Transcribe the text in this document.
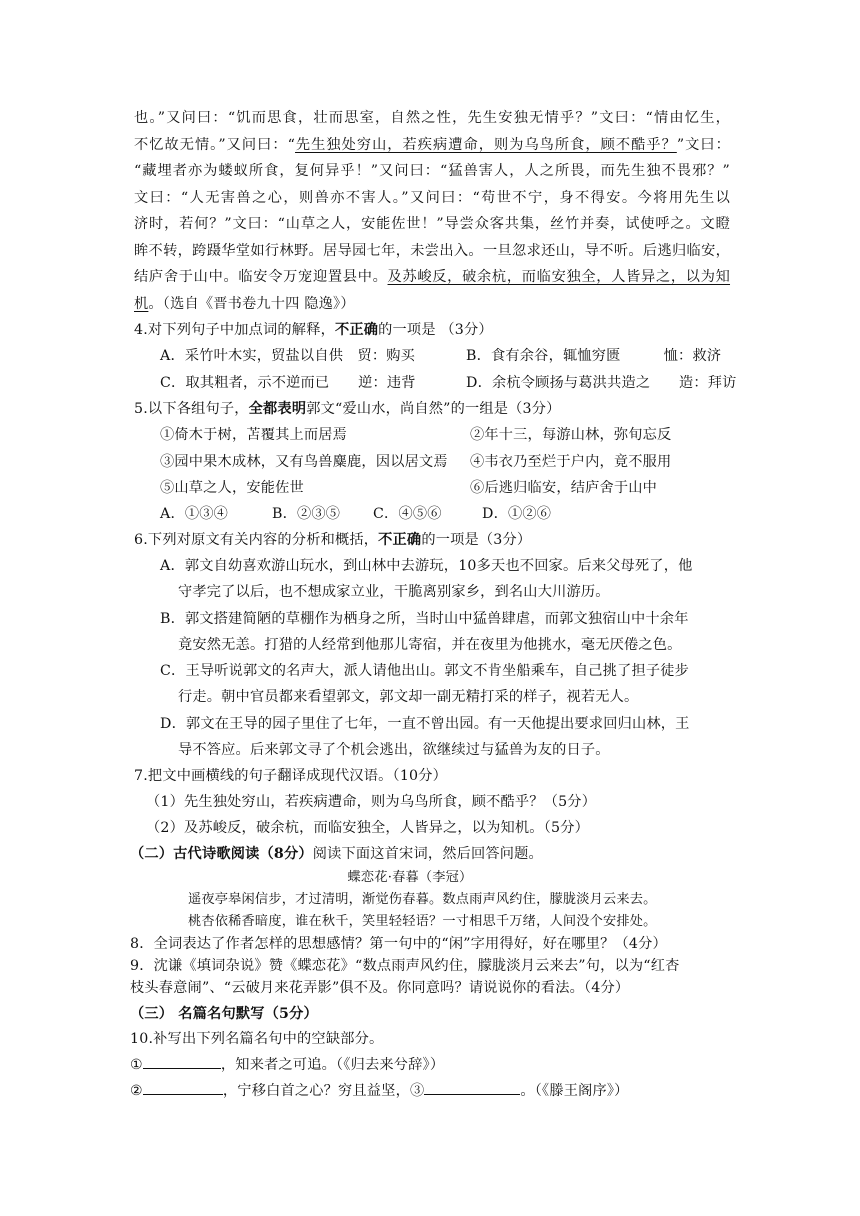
也。”又问曰：“饥而思食，壮而思室，自然之性，先生安独无情乎？”文曰：“情由忆生，
不忆故无情。”又问曰：“先生独处穷山，若疾病遭命，则为乌鸟所食，顾不酷乎？”文曰：
“藏埋者亦为蝼蚁所食，复何异乎！”又问曰：“猛兽害人，人之所畏，而先生独不畏邪？”
文曰：“人无害兽之心，则兽亦不害人。”又问曰：“苟世不宁，身不得安。今将用先生以
济时，若何？”文曰：“山草之人，安能佐世！”导尝众客共集，丝竹并奏，试使呼之。文瞪
眸不转，跨蹑华堂如行林野。居导园七年，未尝出入。一旦忽求还山，导不听。后逃归临安，
结庐舍于山中。临安令万宠迎置县中。及苏峻反，破余杭，而临安独全，人皆异之，以为知
机。（选自《晋书卷九十四 隐逸》）
4.对下列句子中加点词的解释，不正确的一项是 （3分）
A．采竹叶木实，贸盐以自供　贸：购买	B．食有余谷，辄恤穷匮　　　恤：救济
C．取其粗者，示不逆而已　　逆：违背	D．余杭令顾扬与葛洪共造之　　造：拜访
5.以下各组句子，全都表明郭文“爱山水，尚自然”的一组是（3分）
①倚木于树，苫覆其上而居焉	②年十三，每游山林，弥旬忘反
③园中果木成林，又有鸟兽麋鹿，因以居文焉 ④韦衣乃至烂于户内，竟不服用
⑤山草之人，安能佐世	⑥后逃归临安，结庐舍于山中
A．①③④	B．②③⑤ C．④⑤⑥	D．①②⑥
6.下列对原文有关内容的分析和概括，不正确的一项是（3分）
A．郭文自幼喜欢游山玩水，到山林中去游玩，10多天也不回家。后来父母死了，他
守孝完了以后，也不想成家立业，干脆离别家乡，到名山大川游历。
B．郭文搭建简陋的草棚作为栖身之所，当时山中猛兽肆虐，而郭文独宿山中十余年
竟安然无恙。打猎的人经常到他那儿寄宿，并在夜里为他挑水，毫无厌倦之色。
C．王导听说郭文的名声大，派人请他出山。郭文不肯坐船乘车，自己挑了担子徒步
行走。朝中官员都来看望郭文，郭文却一副无精打采的样子，视若无人。
D．郭文在王导的园子里住了七年，一直不曾出园。有一天他提出要求回归山林，王
导不答应。后来郭文寻了个机会逃出，欲继续过与猛兽为友的日子。
7.把文中画横线的句子翻译成现代汉语。（10分）
（1）先生独处穷山，若疾病遭命，则为乌鸟所食，顾不酷乎？（5分）
（2）及苏峻反，破余杭，而临安独全，人皆异之，以为知机。（5分）
（二）古代诗歌阅读（8分）阅读下面这首宋词，然后回答问题。
蝶恋花·春暮（李冠）
遥夜亭皋闲信步，才过清明，渐觉伤春暮。数点雨声风约住，朦胧淡月云来去。
桃杏依稀香暗度，谁在秋千，笑里轻轻语？一寸相思千万绪，人间没个安排处。
8．全词表达了作者怎样的思想感情？第一句中的“闲”字用得好，好在哪里？（4分）
9．沈谦《填词杂说》赞《蝶恋花》“数点雨声风约住，朦胧淡月云来去”句，以为“红杏
枝头春意闹”、“云破月来花弄影”俱不及。你同意吗？请说说你的看法。（4分）
（三） 名篇名句默写（5分）
10.补写出下列名篇名句中的空缺部分。
①	，知来者之可追。（《归去来兮辞》）
②	，宁移白首之心？穷且益坚，③	。（《滕王阁序》）
